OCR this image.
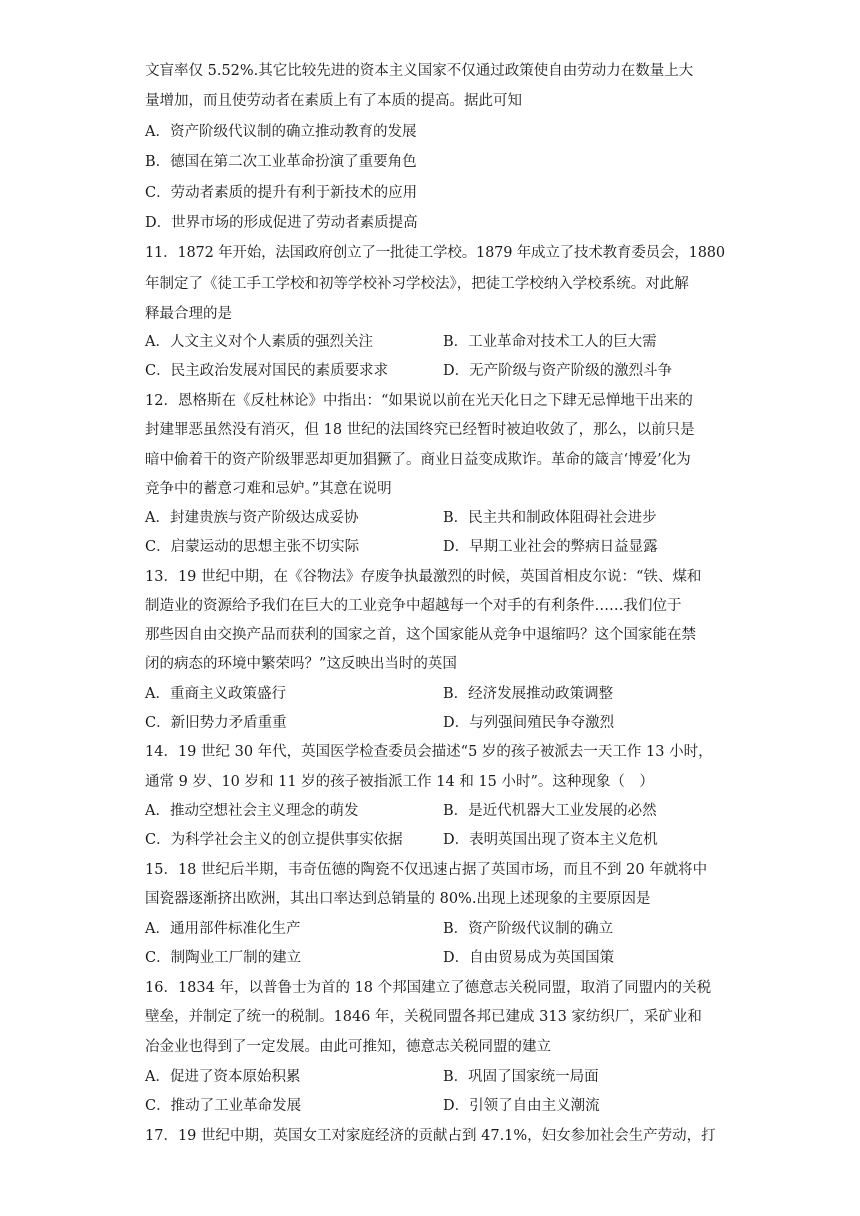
文盲率仅 5.52%.其它比较先进的资本主义国家不仅通过政策使自由劳动力在数量上大
量增加，而且使劳动者在素质上有了本质的提高。据此可知
A．资产阶级代议制的确立推动教育的发展
B．德国在第二次工业革命扮演了重要角色
C．劳动者素质的提升有利于新技术的应用
D．世界市场的形成促进了劳动者素质提高
11．1872 年开始，法国政府创立了一批徒工学校。1879 年成立了技术教育委员会，1880
年制定了《徒工手工学校和初等学校补习学校法》，把徒工学校纳入学校系统。对此解
释最合理的是
A．人文主义对个人素质的强烈关注	B．工业革命对技术工人的巨大需
C．民主政治发展对国民的素质要求求	D．无产阶级与资产阶级的激烈斗争
12．恩格斯在《反杜林论》中指出：“如果说以前在光天化日之下肆无忌惮地干出来的
封建罪恶虽然没有消灭，但 18 世纪的法国终究已经暂时被迫收敛了，那么，以前只是
暗中偷着干的资产阶级罪恶却更加猖獗了。商业日益变成欺诈。革命的箴言‘博爱’化为
竞争中的蓄意刁难和忌妒。”其意在说明
A．封建贵族与资产阶级达成妥协	B．民主共和制政体阻碍社会进步
C．启蒙运动的思想主张不切实际	D．早期工业社会的弊病日益显露
13．19 世纪中期，在《谷物法》存废争执最激烈的时候，英国首相皮尔说：“铁、煤和
制造业的资源给予我们在巨大的工业竞争中超越每一个对手的有利条件……我们位于
那些因自由交换产品而获利的国家之首，这个国家能从竞争中退缩吗？这个国家能在禁
闭的病态的环境中繁荣吗？”这反映出当时的英国
A．重商主义政策盛行	B．经济发展推动政策调整
C．新旧势力矛盾重重	D．与列强间殖民争夺激烈
14．19 世纪 30 年代，英国医学检查委员会描述“5 岁的孩子被派去一天工作 13 小时，
通常 9 岁、10 岁和 11 岁的孩子被指派工作 14 和 15 小时”。这种现象（　）
A．推动空想社会主义理念的萌发	B．是近代机器大工业发展的必然
C．为科学社会主义的创立提供事实依据	D．表明英国出现了资本主义危机
15．18 世纪后半期，韦奇伍德的陶瓷不仅迅速占据了英国市场，而且不到 20 年就将中
国瓷器逐渐挤出欧洲，其出口率达到总销量的 80%.出现上述现象的主要原因是
A．通用部件标准化生产	B．资产阶级代议制的确立
C．制陶业工厂制的建立	D．自由贸易成为英国国策
16．1834 年，以普鲁士为首的 18 个邦国建立了德意志关税同盟，取消了同盟内的关税
壁垒，并制定了统一的税制。1846 年，关税同盟各邦已建成 313 家纺织厂，采矿业和
冶金业也得到了一定发展。由此可推知，德意志关税同盟的建立
A．促进了资本原始积累	B．巩固了国家统一局面
C．推动了工业革命发展	D．引领了自由主义潮流
17．19 世纪中期，英国女工对家庭经济的贡献占到 47.1%，妇女参加社会生产劳动，打
